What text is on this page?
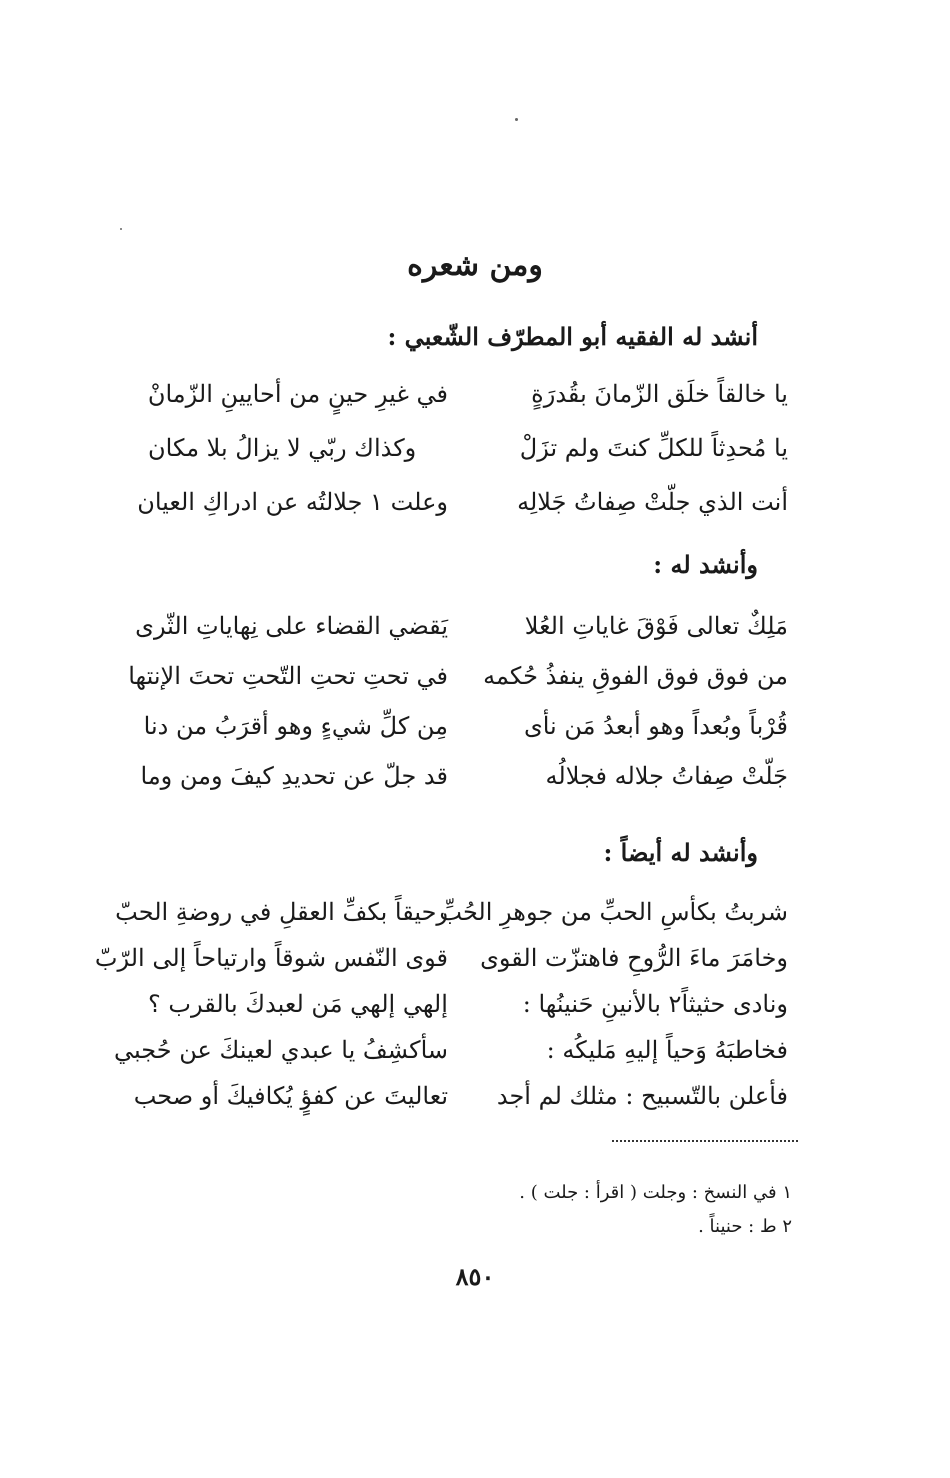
ومن شعره
أنشد له الفقيه أبو المطرّف الشّعبي :
يا خالقاً خلَق الزّمانَ بقُدرَةٍ
في غيرِ حينٍ من أحايينِ الزّمانْ
يا مُحدِثاً للكلِّ كنتَ ولم تزَلْ
وكذاك ربّي لا يزالُ بلا مكان
أنت الذي جلّتْ صِفاتُ جَلالِه
وعلت ١ جلالتُه عن ادراكِ العيان
وأنشد له :
مَلِكٌ تعالى فَوْقَ غاياتِ العُلا
يَقضي القضاء على نِهاياتِ الثّرى
من فوق فوق الفوقِ ينفذُ حُكمه
في تحتِ تحتِ التّحتِ تحتَ الإنتها
قُرْباً وبُعداً وهو أبعدُ مَن نأى
مِن كلِّ شيءٍ وهو أقرَبُ من دنا
جَلّتْ صِفاتُ جلاله فجلالُه
قد جلّ عن تحديدِ كيفَ ومن وما
وأنشد له أيضاً :
شربتُ بكأسِ الحبِّ من جوهرِ الحُبِّ
رحيقاً بكفِّ العقلِ في روضةِ الحبّ
وخامَرَ ماءَ الرُّوحِ فاهتزّت القوى
قوى النّفس شوقاً وارتياحاً إلى الرّبّ
ونادى حثيثاً٢ بالأنينِ حَنينُها :
إلهي إلهي مَن لعبدكَ بالقرب ؟
فخاطبَهُ وَحياً إليهِ مَليكُه :
سأكشِفُ يا عبدي لعينكَ عن حُجبي
فأعلن بالتّسبيح : مثلك لم أجد
تعاليتَ عن كفؤٍ يُكافيكَ أو صحب
١ في النسخ : وجلت ( اقرأ : جلت ) .
٢ ط : حنيناً .
٨٥٠
